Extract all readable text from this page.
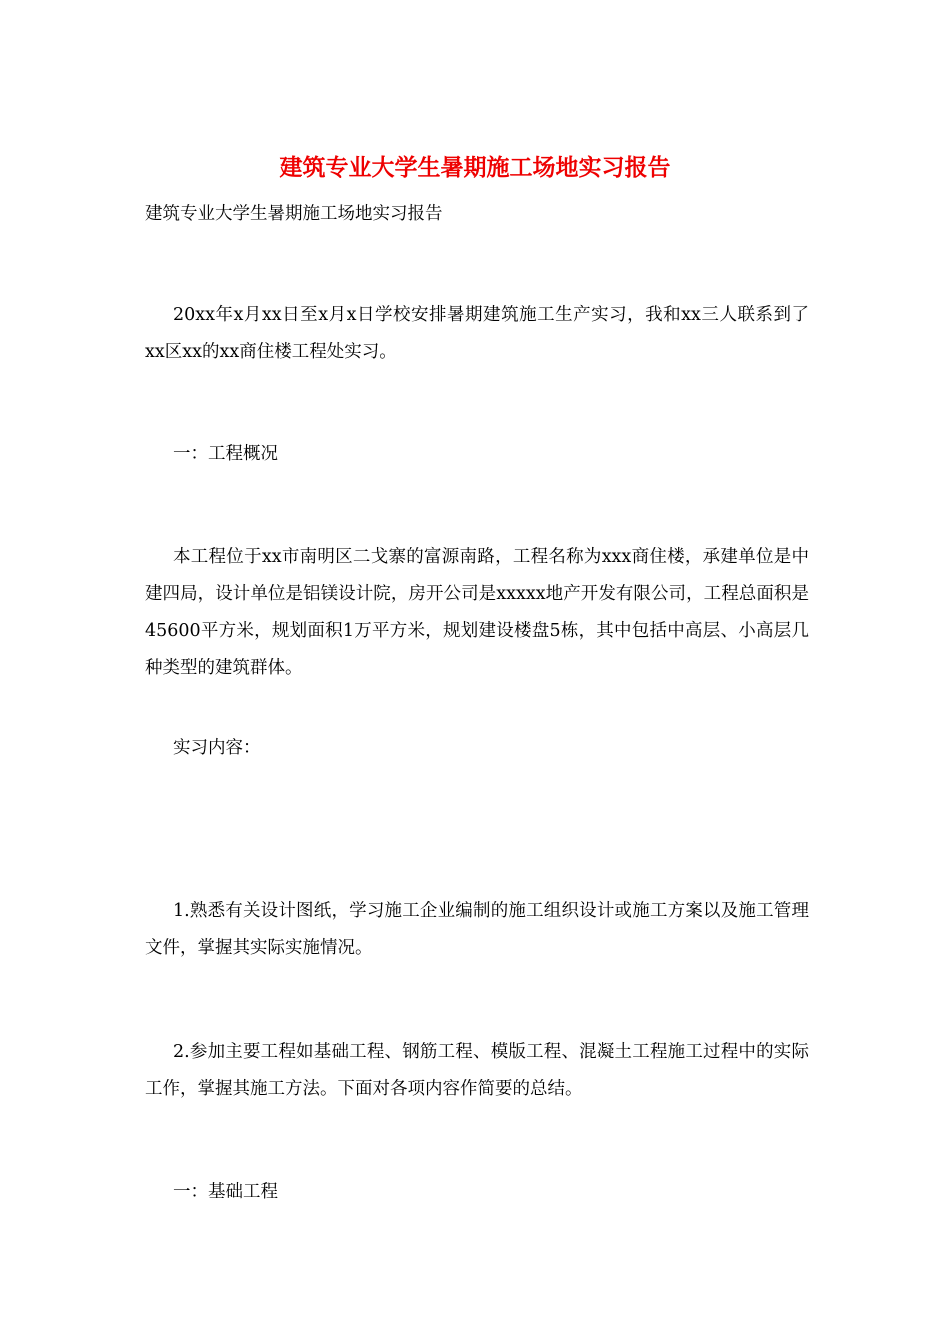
建筑专业大学生暑期施工场地实习报告

建筑专业大学生暑期施工场地实习报告

20xx年x月xx日至x月x日学校安排暑期建筑施工生产实习，我和xx三人联系到了xx区xx的xx商住楼工程处实习。

一：工程概况

本工程位于xx市南明区二戈寨的富源南路，工程名称为xxx商住楼，承建单位是中建四局，设计单位是铝镁设计院，房开公司是xxxxx地产开发有限公司，工程总面积是45600平方米，规划面积1万平方米，规划建设楼盘5栋，其中包括中高层、小高层几种类型的建筑群体。

实习内容：

1.熟悉有关设计图纸，学习施工企业编制的施工组织设计或施工方案以及施工管理文件，掌握其实际实施情况。

2.参加主要工程如基础工程、钢筋工程、模版工程、混凝土工程施工过程中的实际工作，掌握其施工方法。下面对各项内容作简要的总结。

一：基础工程
